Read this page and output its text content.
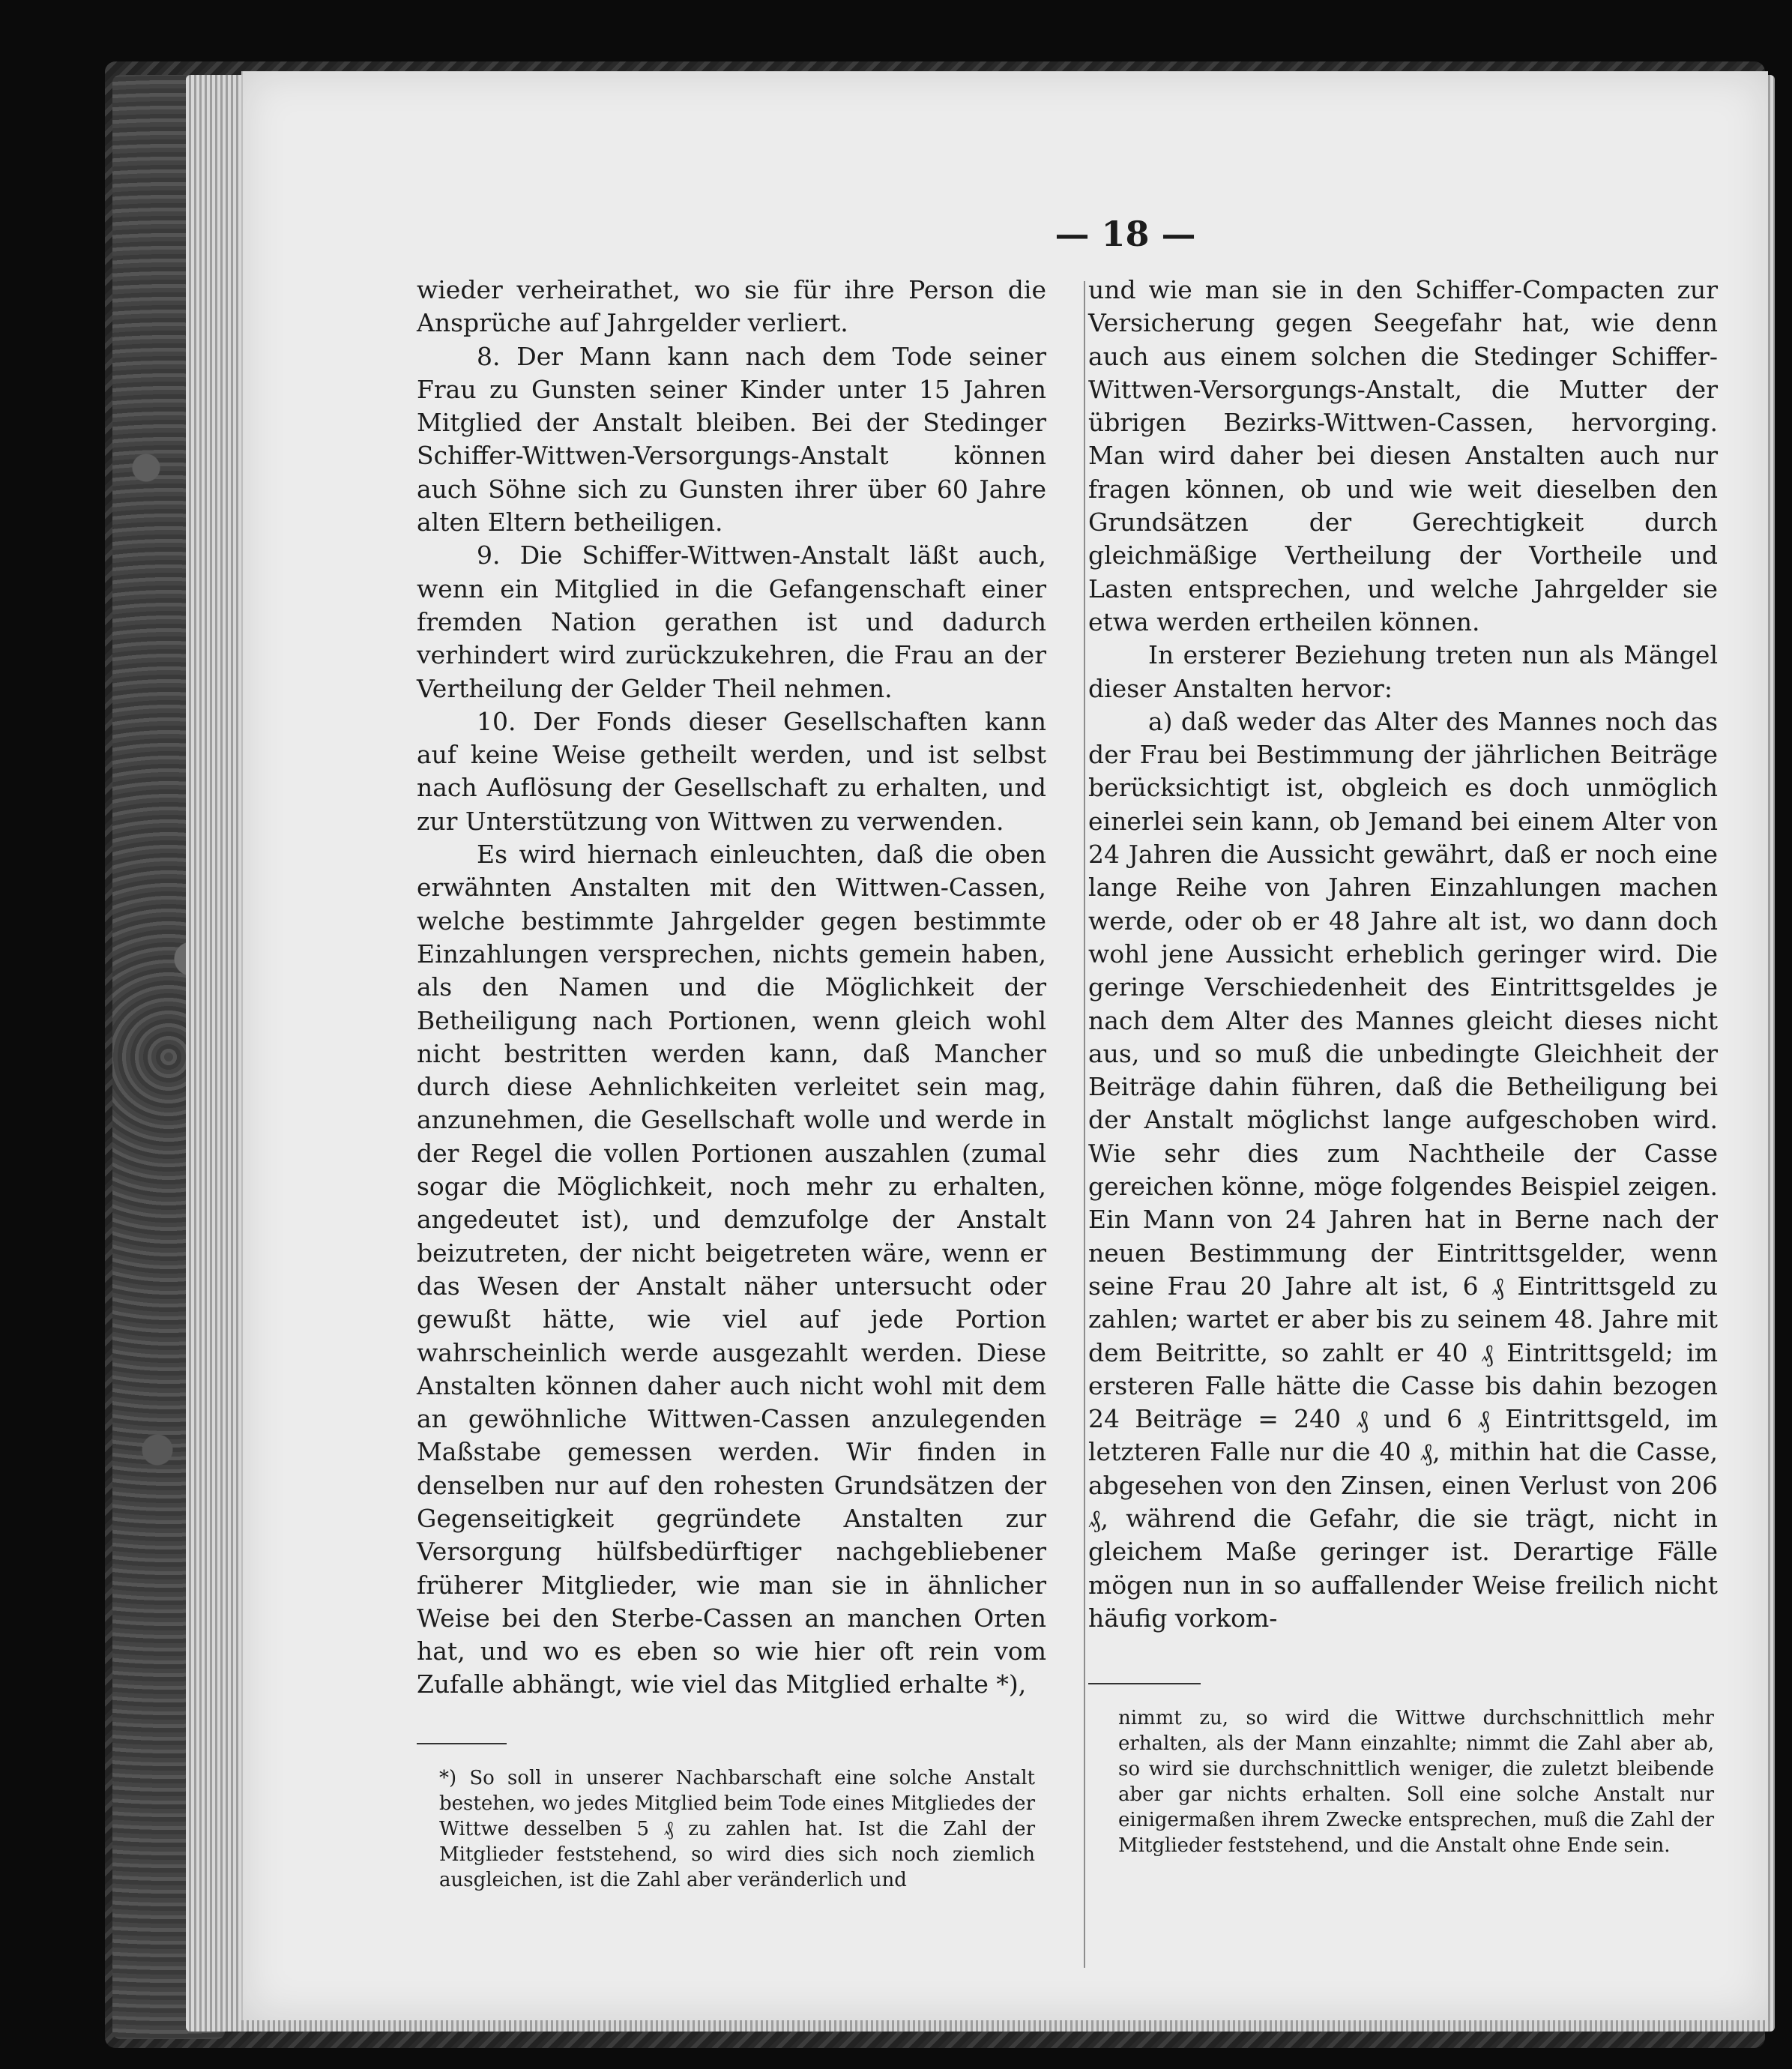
— 18 —

wieder verheirathet, wo sie für ihre Person die Ansprüche auf Jahrgelder verliert.

8. Der Mann kann nach dem Tode seiner Frau zu Gunsten seiner Kinder unter 15 Jahren Mitglied der Anstalt bleiben. Bei der Stedinger Schiffer-Wittwen-Versorgungs-Anstalt können auch Söhne sich zu Gunsten ihrer über 60 Jahre alten Eltern betheiligen.

9. Die Schiffer-Wittwen-Anstalt läßt auch, wenn ein Mitglied in die Gefangenschaft einer fremden Nation gerathen ist und dadurch verhindert wird zurückzukehren, die Frau an der Vertheilung der Gelder Theil nehmen.

10. Der Fonds dieser Gesellschaften kann auf keine Weise getheilt werden, und ist selbst nach Auflösung der Gesellschaft zu erhalten, und zur Unterstützung von Wittwen zu verwenden.

Es wird hiernach einleuchten, daß die oben erwähnten Anstalten mit den Wittwen-Cassen, welche bestimmte Jahrgelder gegen bestimmte Einzahlungen versprechen, nichts gemein haben, als den Namen und die Möglichkeit der Betheiligung nach Portionen, wenn gleich wohl nicht bestritten werden kann, daß Mancher durch diese Aehnlichkeiten verleitet sein mag, anzunehmen, die Gesellschaft wolle und werde in der Regel die vollen Portionen auszahlen (zumal sogar die Möglichkeit, noch mehr zu erhalten, angedeutet ist), und demzufolge der Anstalt beizutreten, der nicht beigetreten wäre, wenn er das Wesen der Anstalt näher untersucht oder gewußt hätte, wie viel auf jede Portion wahrscheinlich werde ausgezahlt werden. Diese Anstalten können daher auch nicht wohl mit dem an gewöhnliche Wittwen-Cassen anzulegenden Maßstabe gemessen werden. Wir finden in denselben nur auf den rohesten Grundsätzen der Gegenseitigkeit gegründete Anstalten zur Versorgung hülfsbedürftiger nachgebliebener früherer Mitglieder, wie man sie in ähnlicher Weise bei den Sterbe-Cassen an manchen Orten hat, und wo es eben so wie hier oft rein vom Zufalle abhängt, wie viel das Mitglied erhalte *),

und wie man sie in den Schiffer-Compacten zur Versicherung gegen Seegefahr hat, wie denn auch aus einem solchen die Stedinger Schiffer-Wittwen-Versorgungs-Anstalt, die Mutter der übrigen Bezirks-Wittwen-Cassen, hervorging. Man wird daher bei diesen Anstalten auch nur fragen können, ob und wie weit dieselben den Grundsätzen der Gerechtigkeit durch gleichmäßige Vertheilung der Vortheile und Lasten entsprechen, und welche Jahrgelder sie etwa werden ertheilen können.

In ersterer Beziehung treten nun als Mängel dieser Anstalten hervor:

a) daß weder das Alter des Mannes noch das der Frau bei Bestimmung der jährlichen Beiträge berücksichtigt ist, obgleich es doch unmöglich einerlei sein kann, ob Jemand bei einem Alter von 24 Jahren die Aussicht gewährt, daß er noch eine lange Reihe von Jahren Einzahlungen machen werde, oder ob er 48 Jahre alt ist, wo dann doch wohl jene Aussicht erheblich geringer wird. Die geringe Verschiedenheit des Eintrittsgeldes je nach dem Alter des Mannes gleicht dieses nicht aus, und so muß die unbedingte Gleichheit der Beiträge dahin führen, daß die Betheiligung bei der Anstalt möglichst lange aufgeschoben wird. Wie sehr dies zum Nachtheile der Casse gereichen könne, möge folgendes Beispiel zeigen. Ein Mann von 24 Jahren hat in Berne nach der neuen Bestimmung der Eintrittsgelder, wenn seine Frau 20 Jahre alt ist, 6 ₰ Eintrittsgeld zu zahlen; wartet er aber bis zu seinem 48. Jahre mit dem Beitritte, so zahlt er 40 ₰ Eintrittsgeld; im ersteren Falle hätte die Casse bis dahin bezogen 24 Beiträge = 240 ₰ und 6 ₰ Eintrittsgeld, im letzteren Falle nur die 40 ₰, mithin hat die Casse, abgesehen von den Zinsen, einen Verlust von 206 ₰, während die Gefahr, die sie trägt, nicht in gleichem Maße geringer ist. Derartige Fälle mögen nun in so auffallender Weise freilich nicht häufig vorkom-

*) So soll in unserer Nachbarschaft eine solche Anstalt bestehen, wo jedes Mitglied beim Tode eines Mitgliedes der Wittwe desselben 5 ₰ zu zahlen hat. Ist die Zahl der Mitglieder feststehend, so wird dies sich noch ziemlich ausgleichen, ist die Zahl aber veränderlich und

nimmt zu, so wird die Wittwe durchschnittlich mehr erhalten, als der Mann einzahlte; nimmt die Zahl aber ab, so wird sie durchschnittlich weniger, die zuletzt bleibende aber gar nichts erhalten. Soll eine solche Anstalt nur einigermaßen ihrem Zwecke entsprechen, muß die Zahl der Mitglieder feststehend, und die Anstalt ohne Ende sein.
